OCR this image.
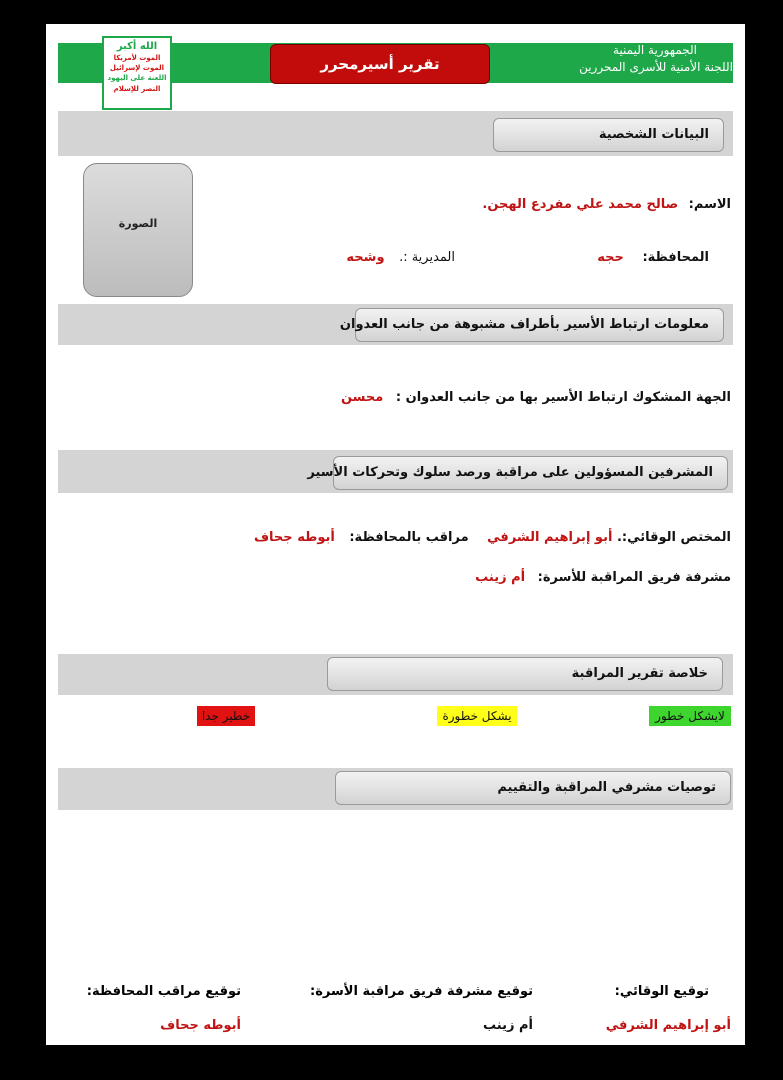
الله أكبر
الموت لأمريكا
الموت لإسرائيل
اللعنة على اليهود
النصر للإسلام
تقرير أسيرمحرر
الجمهورية اليمنية
اللجنة الأمنية للأسرى المحررين
البيانات الشخصية
الصورة
الاسم: صالح محمد علي مفردع الهجن.
المحافظة: حجه
المديرية :. وشحه
معلومات ارتباط الأسير بأطراف مشبوهة من جانب العدوان
الجهة المشكوك ارتباط الأسير بها من جانب العدوان : محسن
المشرفين المسؤولين على مراقبة ورصد سلوك وتحركات الأسير
المختص الوقائي:. أبو إبراهيم الشرفي مراقب بالمحافظة: أبوطه جحاف
مشرفة فريق المراقبة للأسرة: أم زينب
خلاصة تقرير المراقبة
لايشكل خطور
يشكل خطورة
خطير جدا
توصيات مشرفي المراقبة والتقييم
توقيع الوقائي:
أبو إبراهيم الشرفي
توقيع مشرفة فريق مراقبة الأسرة:
أم زينب
توقيع مراقب المحافظة:
أبوطه جحاف
